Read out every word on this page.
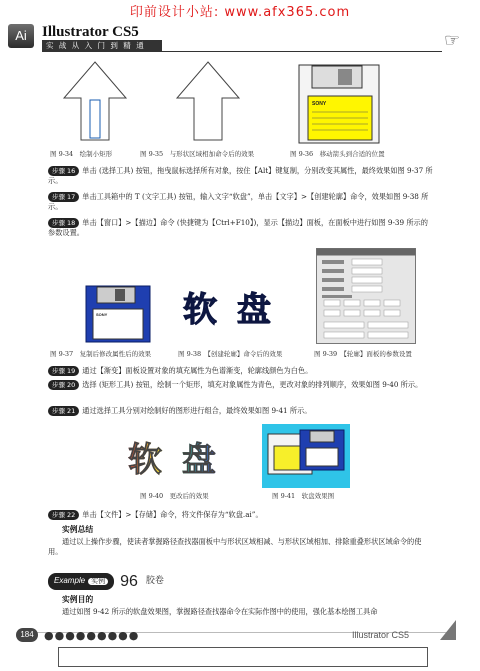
印前设计小站: www.afx365.com
Ai	Illustrator CS5
实 战 从 入 门 到 精 通	☞
图 9-34　绘制小矩形	图 9-35　与形状区域相加命令后的效果
SONY
图 9-36　移动箭头到合适的位置
步骤 16 单击 (选择工具) 按钮，拖曳鼠标选择所有对象，按住【Alt】键复制，分别改变其属性，最终效果如图 9-37 所示。
步骤 17 单击工具箱中的 T (文字工具) 按钮，输入文字“软盘”，单击【文字】>【创建轮廓】命令，效果如图 9-38 所示。
步骤 18 单击【窗口】>【描边】命令 (快捷键为【Ctrl+F10】)，显示【描边】面板，在面板中进行如图 9-39 所示的参数设置。
SONY
图 9-37　复制后修改属性后的效果
软 盘
图 9-38　【创建轮廓】命令后的效果	图 9-39　【轮廓】面板的参数设置
步骤 19 通过【渐变】面板设置对象的填充属性为色谱渐变，轮廓线颜色为白色。
步骤 20 选择 (矩形工具) 按钮，绘制一个矩形，填充对象属性为青色，更改对象的排列顺序，效果如图 9-40 所示。
步骤 21 通过选择工具分别对绘制好的图形进行组合，最终效果如图 9-41 所示。
软 盘
图 9-40　更改后的效果	图 9-41　软盘效果图
步骤 22 单击【文件】>【存储】命令，将文件保存为“软盘.ai”。
实例总结
通过以上操作步骤，使读者掌握路径查找器面板中与形状区域相减、与形状区域相加、排除重叠形状区域命令的使用。
Example 实例 96 胶卷
实例目的
通过如图 9-42 所示的软盘效果图，掌握路径查找器命令在实际作图中的使用，强化基本绘图工具命
184 ●●●●●●●●●	Illustrator CS5
